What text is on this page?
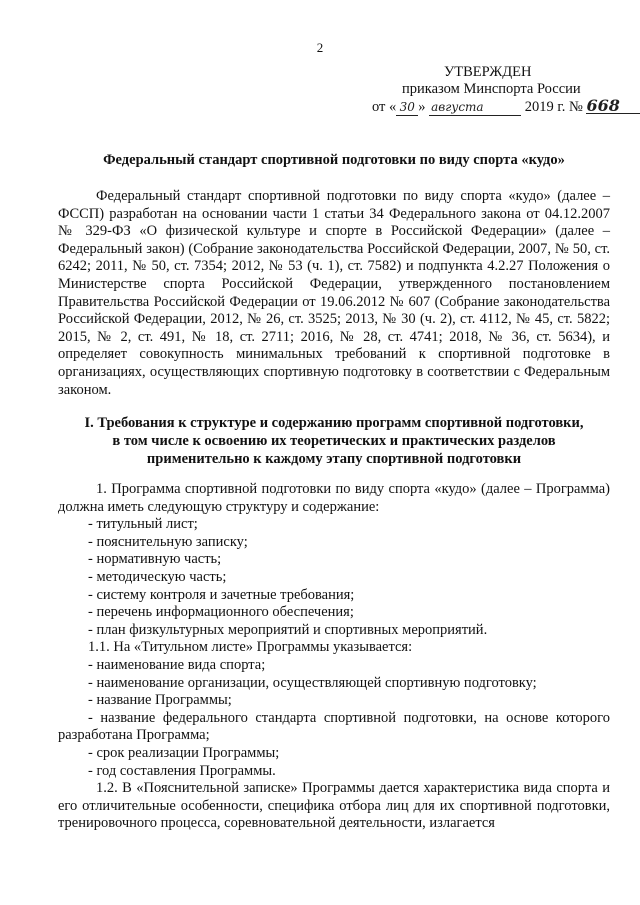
2
УТВЕРЖДЕН
приказом Минспорта России
от « 30 » августа	2019 г. № 668
Федеральный стандарт спортивной подготовки по виду спорта «кудо»
Федеральный стандарт спортивной подготовки по виду спорта «кудо» (далее – ФССП) разработан на основании части 1 статьи 34 Федерального закона от 04.12.2007 № 329-ФЗ «О физической культуре и спорте в Российской Федерации» (далее – Федеральный закон) (Собрание законодательства Российской Федерации, 2007, № 50, ст. 6242; 2011, № 50, ст. 7354; 2012, № 53 (ч. 1), ст. 7582) и подпункта 4.2.27 Положения о Министерстве спорта Российской Федерации, утвержденного постановлением Правительства Российской Федерации от 19.06.2012 № 607 (Собрание законодательства Российской Федерации, 2012, № 26, ст. 3525; 2013, № 30 (ч. 2), ст. 4112, № 45, ст. 5822; 2015, № 2, ст. 491, № 18, ст. 2711; 2016, № 28, ст. 4741; 2018, № 36, ст. 5634), и определяет совокупность минимальных требований к спортивной подготовке в организациях, осуществляющих спортивную подготовку в соответствии с Федеральным законом.
I. Требования к структуре и содержанию программ спортивной подготовки,
в том числе к освоению их теоретических и практических разделов
применительно к каждому этапу спортивной подготовки
1. Программа спортивной подготовки по виду спорта «кудо» (далее – Программа) должна иметь следующую структуру и содержание:
- титульный лист;
- пояснительную записку;
- нормативную часть;
- методическую часть;
- систему контроля и зачетные требования;
- перечень информационного обеспечения;
- план физкультурных мероприятий и спортивных мероприятий.
1.1. На «Титульном листе» Программы указывается:
- наименование вида спорта;
- наименование организации, осуществляющей спортивную подготовку;
- название Программы;
- название федерального стандарта спортивной подготовки, на основе которого разработана Программа;
- срок реализации Программы;
- год составления Программы.
1.2. В «Пояснительной записке» Программы дается характеристика вида спорта и его отличительные особенности, специфика отбора лиц для их спортивной подготовки, тренировочного процесса, соревновательной деятельности, излагается
